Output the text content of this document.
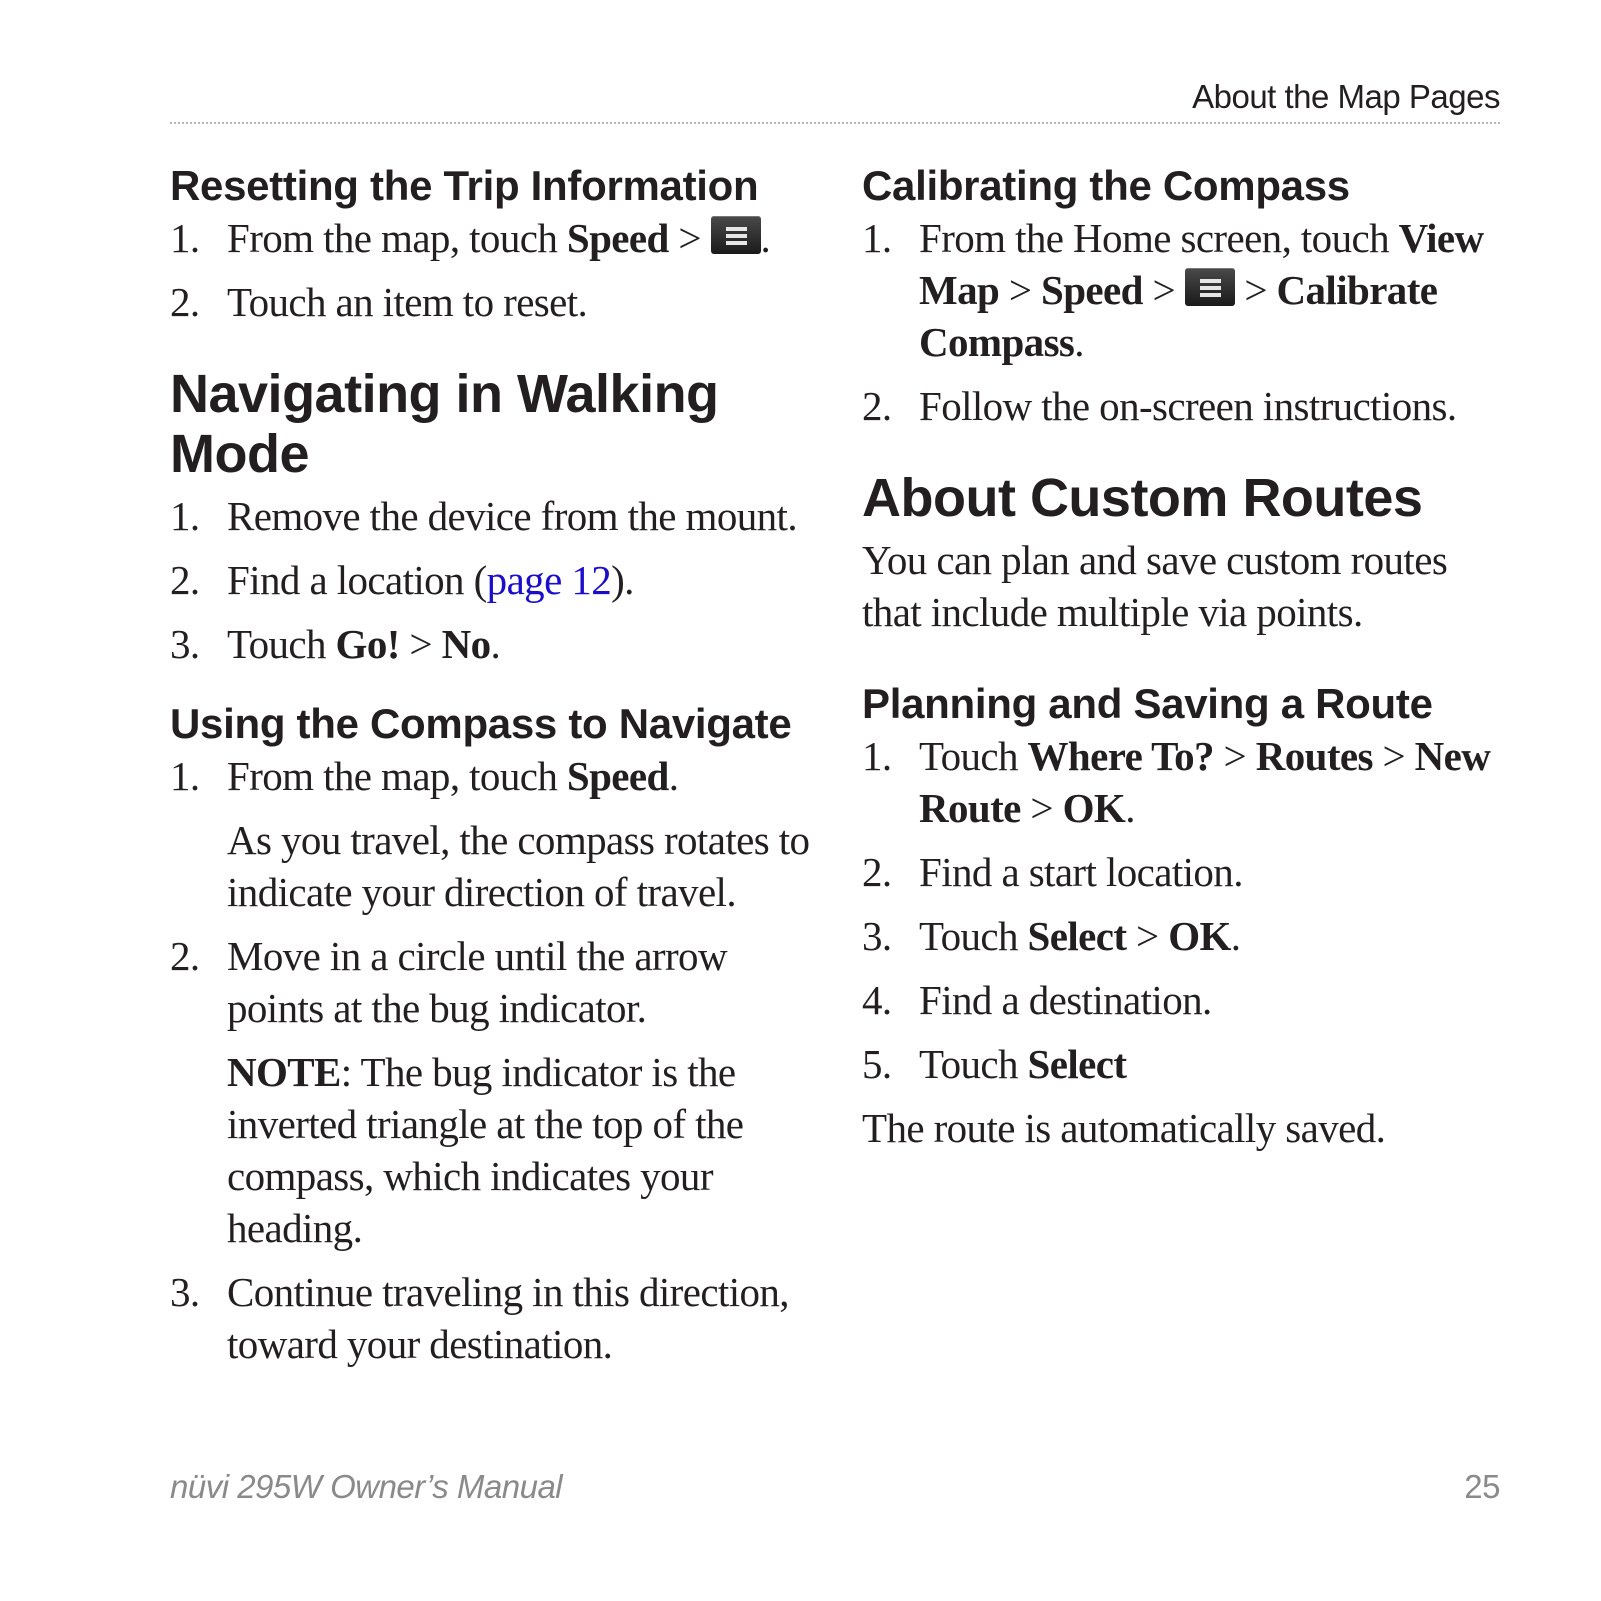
About the Map Pages
Resetting the Trip Information
1. From the map, touch Speed >
.
2. Touch an item to reset.
Navigating in Walking Mode
1. Remove the device from the mount.
2. Find a location (page 12).
3. Touch Go! > No.
Using the Compass to Navigate
1. From the map, touch Speed.

As you travel, the compass rotates to indicate your direction of travel.

2. Move in a circle until the arrow points at the bug indicator.

NOTE: The bug indicator is the inverted triangle at the top of the compass, which indicates your heading.

3. Continue traveling in this direction, toward your destination.
Calibrating the Compass
1. From the Home screen, touch View Map > Speed >
> Calibrate Compass.
2. Follow the on-screen instructions.
About Custom Routes

You can plan and save custom routes that include multiple via points.

Planning and Saving a Route
1. Touch Where To? > Routes > New Route > OK.
2. Find a start location.
3. Touch Select > OK.
4. Find a destination.
5. Touch Select

The route is automatically saved.

nüvi 295W Owner’s Manual	25
